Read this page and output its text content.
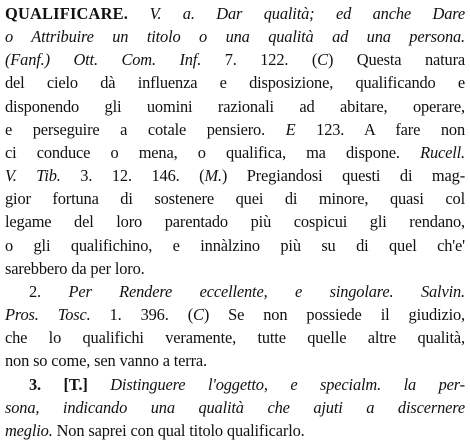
QUALIFICARE. V. a. Dar qualità; ed anche Dare
o Attribuire un titolo o una qualità ad una persona.
(Fanf.) Ott. Com. Inf. 7. 122. (C) Questa natura
del cielo dà influenza e disposizione, qualificando e
disponendo gli uomini razionali ad abitare, operare,
e perseguire a cotale pensiero. E 123. A fare non
ci conduce o mena, o qualifica, ma dispone. Rucell.
V. Tib. 3. 12. 146. (M.) Pregiandosi questi di mag-
gior fortuna di sostenere quei di minore, quasi col
legame del loro parentado più cospicui gli rendano,
o gli qualifichino, e innàlzino più su di quel ch'e'
sarebbero da per loro.
2. Per Rendere eccellente, e singolare. Salvin.
Pros. Tosc. 1. 396. (C) Se non possiede il giudizio,
che lo qualifichi veramente, tutte quelle altre qualità,
non so come, sen vanno a terra.
3. [T.] Distinguere l'oggetto, e specialm. la per-
sona, indicando una qualità che ajuti a discernere
meglio. Non saprei con qual titolo qualificarlo.
